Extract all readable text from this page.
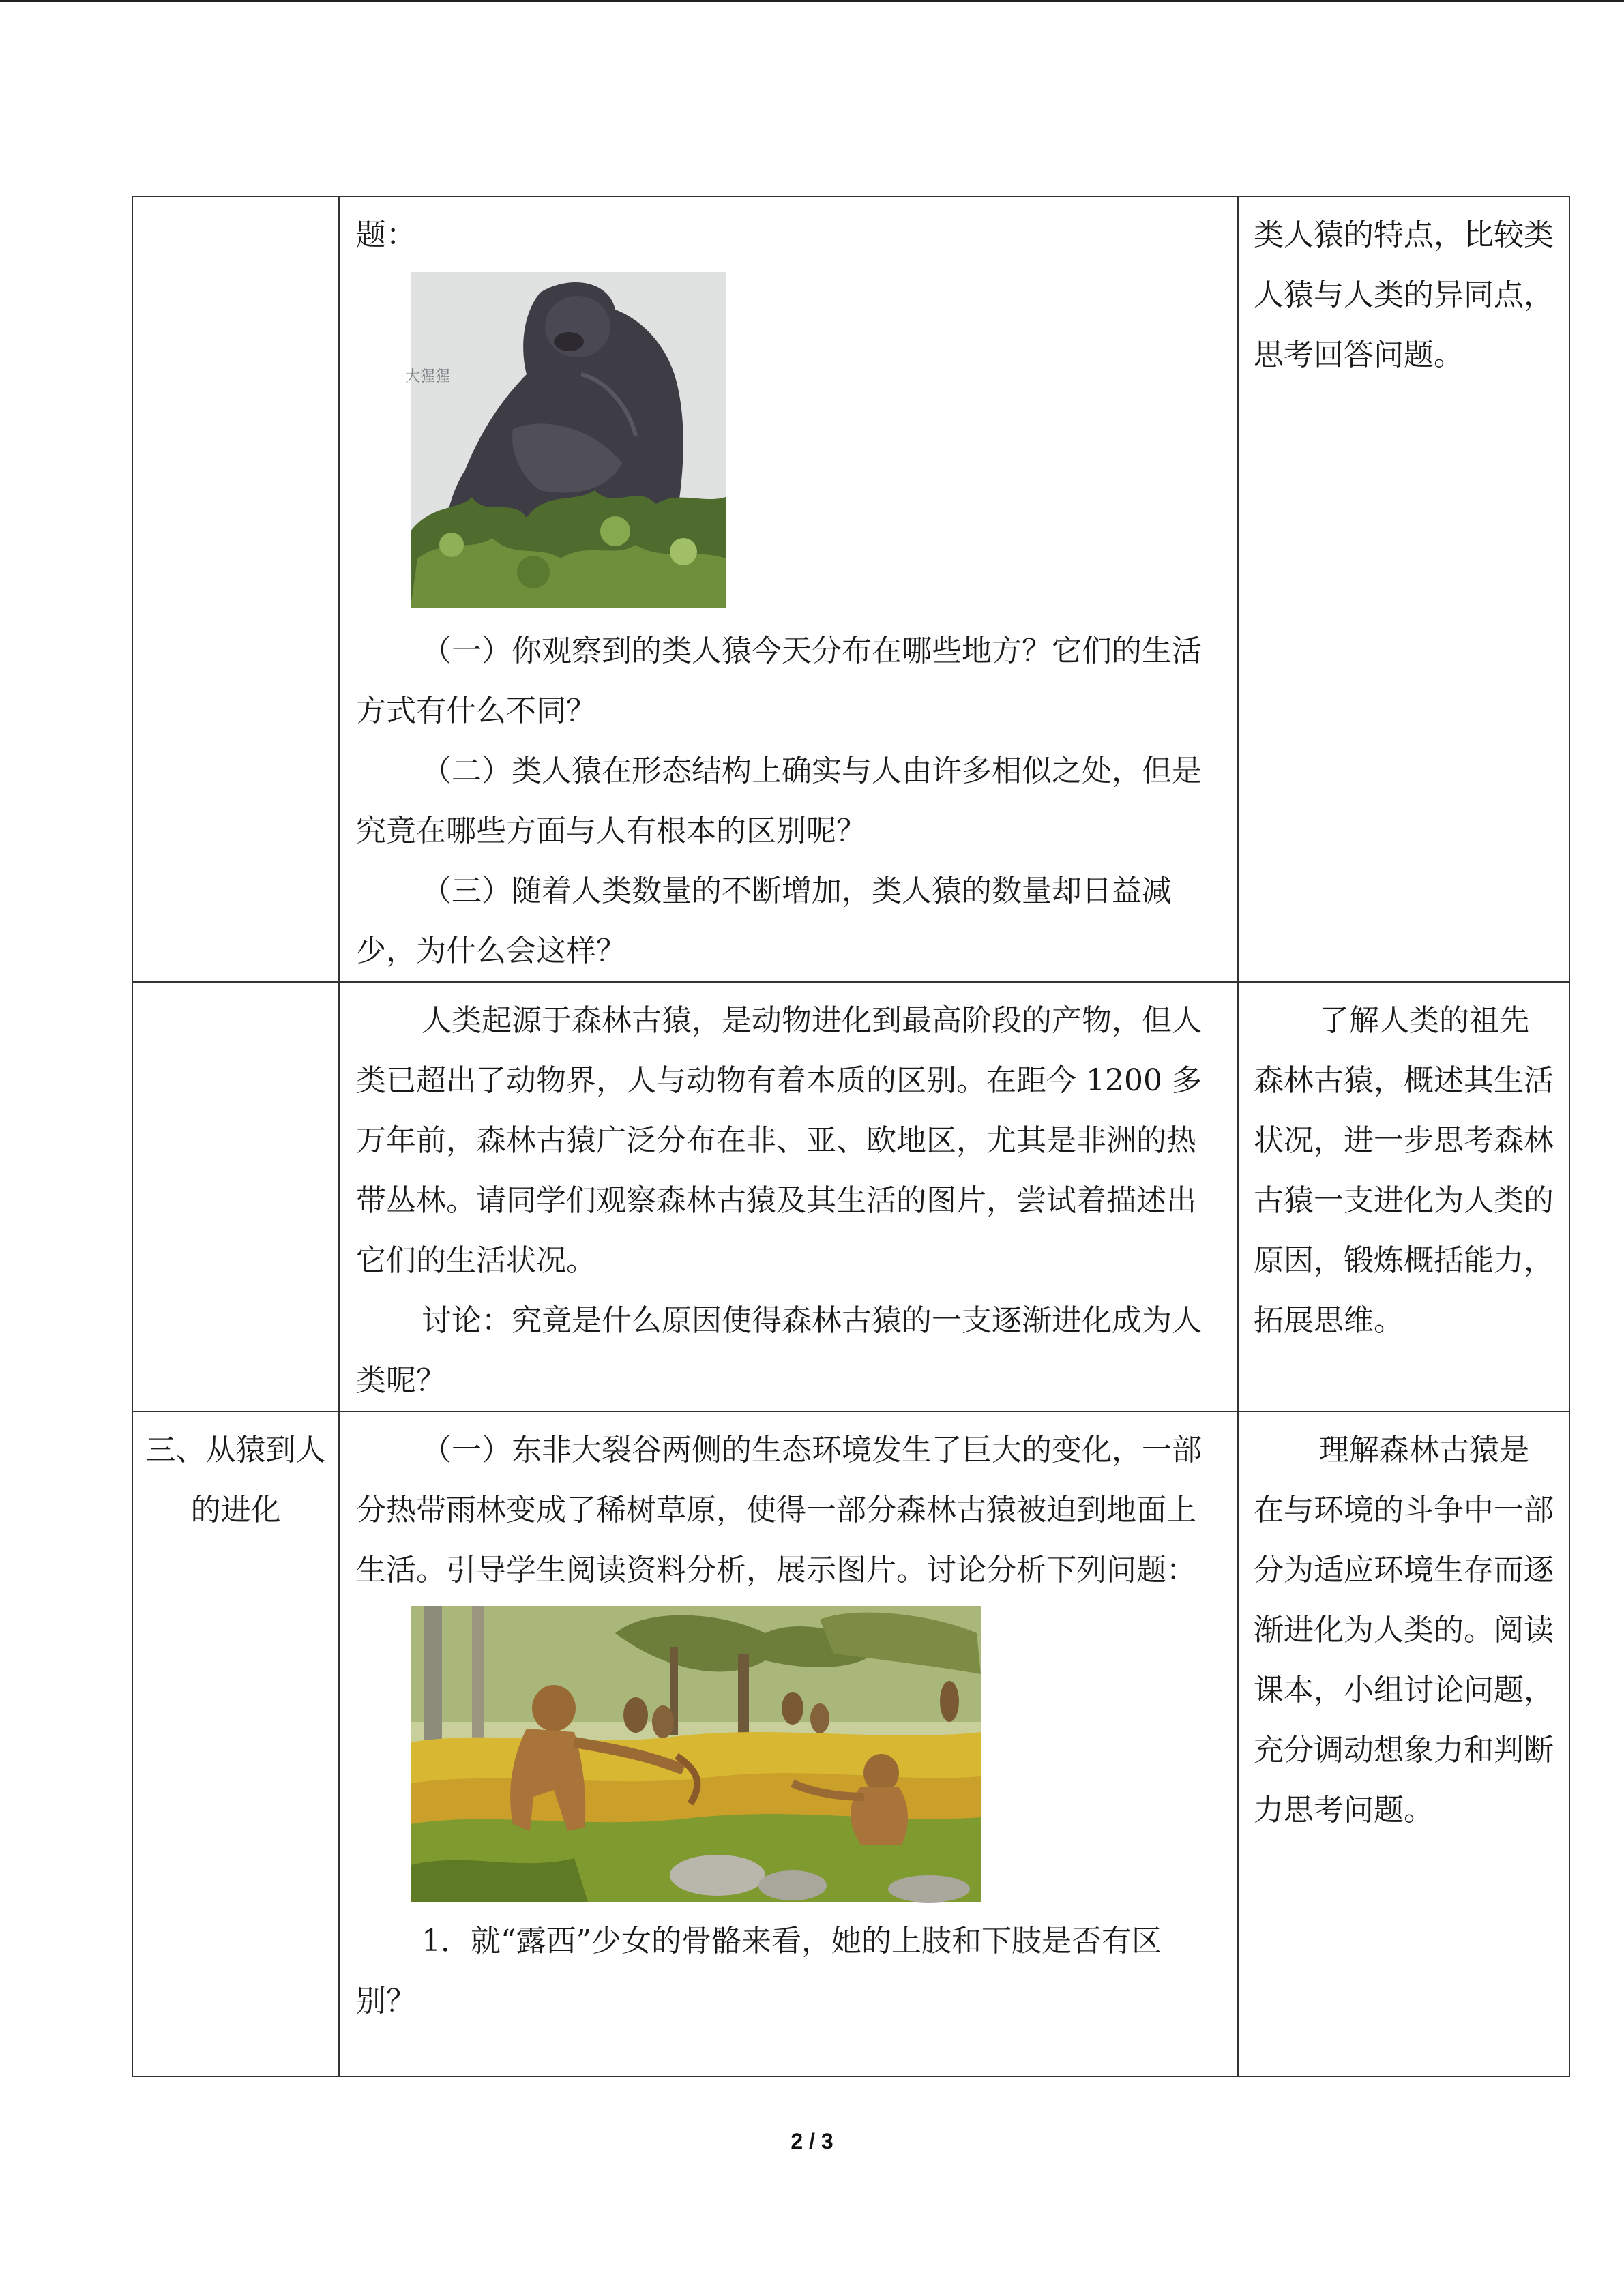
	题：

大猩猩

（一）你观察到的类人猿今天分布在哪些地方？它们的生活方式有什么不同？

（二）类人猿在形态结构上确实与人由许多相似之处，但是究竟在哪些方面与人有根本的区别呢？

（三）随着人类数量的不断增加，类人猿的数量却日益减少，为什么会这样？	类人猿的特点，比较类人猿与人类的异同点，思考回答问题。

	人类起源于森林古猿，是动物进化到最高阶段的产物，但人类已超出了动物界，人与动物有着本质的区别。在距今 1200 多万年前，森林古猿广泛分布在非、亚、欧地区，尤其是非洲的热带丛林。请同学们观察森林古猿及其生活的图片，尝试着描述出它们的生活状况。

讨论：究竟是什么原因使得森林古猿的一支逐渐进化成为人类呢？	了解人类的祖先森林古猿，概述其生活状况，进一步思考森林古猿一支进化为人类的原因，锻炼概括能力，拓展思维。

三、从猿到人的进化	（一）东非大裂谷两侧的生态环境发生了巨大的变化，一部分热带雨林变成了稀树草原，使得一部分森林古猿被迫到地面上生活。引导学生阅读资料分析，展示图片。讨论分析下列问题：

1．就“露西”少女的骨骼来看，她的上肢和下肢是否有区别？	理解森林古猿是在与环境的斗争中一部分为适应环境生存而逐渐进化为人类的。阅读课本，小组讨论问题，充分调动想象力和判断力思考问题。

2 / 3
